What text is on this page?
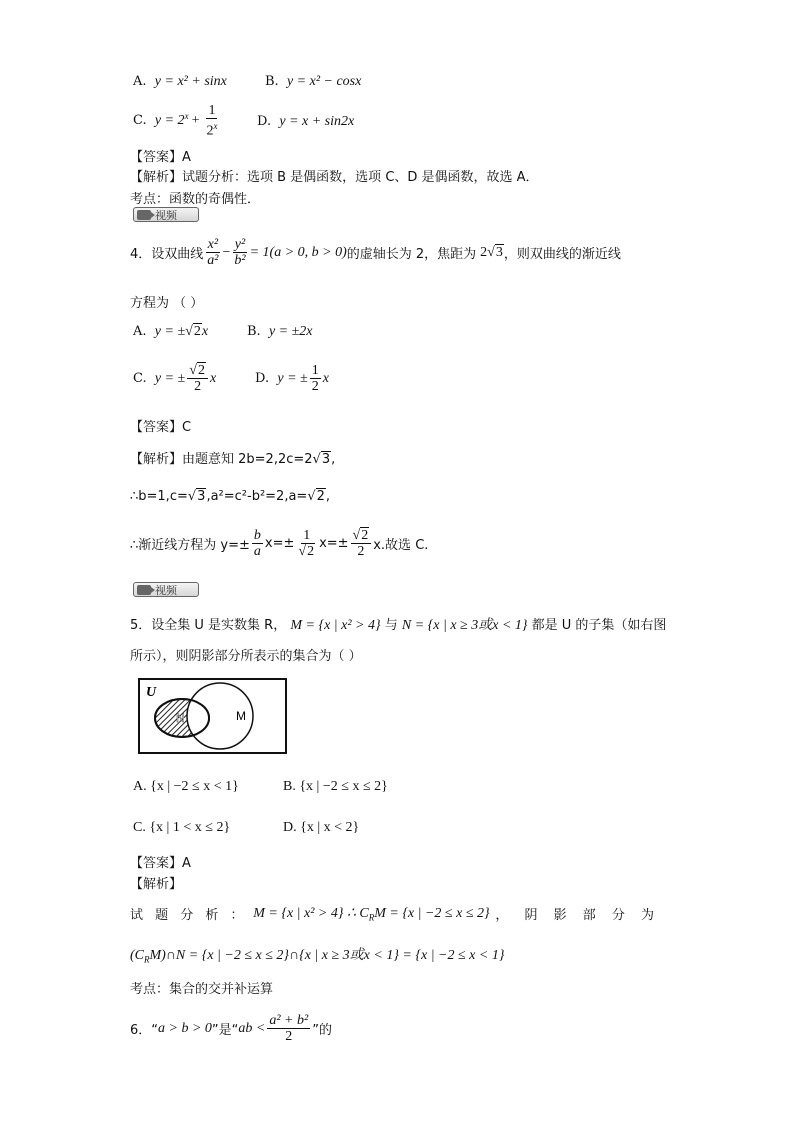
A. y = x² + sinx	B. y = x² − cosx
C.
$y = 2^x + \frac{1}{2^x}$	D. y = x + sin2x
【答案】A
【解析】试题分析：选项 B 是偶函数，选项 C、D 是偶函数，故选 A．
考点：函数的奇偶性．
视频
4．设双曲线 $\frac{\text{x²}}{\text{a²}} - \frac{\text{y²}}{\text{b²}} = 1(a > 0$, b > 0) 的虚轴长为 2，焦距为 2 √ 3 ，则双曲线的渐近线
方程为 （ ）
A. y = ±√2x	B. y = ±2x
C.
y = ± $\frac{√2}{2}$ x	D.
y = ± $\frac{1}{2}$ x
【答案】C
【解析】由题意知 2b=2,2c=2√3,
∴b=1,c=√3,a²=c²-b²=2,a=√2,
∴渐近线方程为 $y=\pm \frac{b}{a} x=\pm \frac{1}{√2} x=\pm \frac{√2}{2} x$.故选 C.
视频
5．设全集 U 是实数集 R， M = {x | x² > 4} 与 N = {x | x ≥ 3或x < 1} 都是 U 的子集（如右图
所示），则阴影部分所表示的集合为（ ）
U
N	M
A. {x | −2 ≤ x < 1}	B. {x | −2 ≤ x ≤ 2}
C. {x | 1 < x ≤ 2}	D. {x | x < 2}
【答案】A
【解析】
试 题 分 析 ： M = {x | x² > 4} ∴ $C_RM = \{x$ | −2 ≤ x ≤ 2} ， 阴 影 部 分 为
$(C_RM)\cap N = \{x$ | −2 ≤ x ≤ 2}∩{x | x ≥ 3或x < 1} = {x | −2 ≤ x < 1}
考点：集合的交并补运算
6．“ a > b > 0 ”是“ ab < $\frac{\text{a² + b²}}{2}$ ”的
